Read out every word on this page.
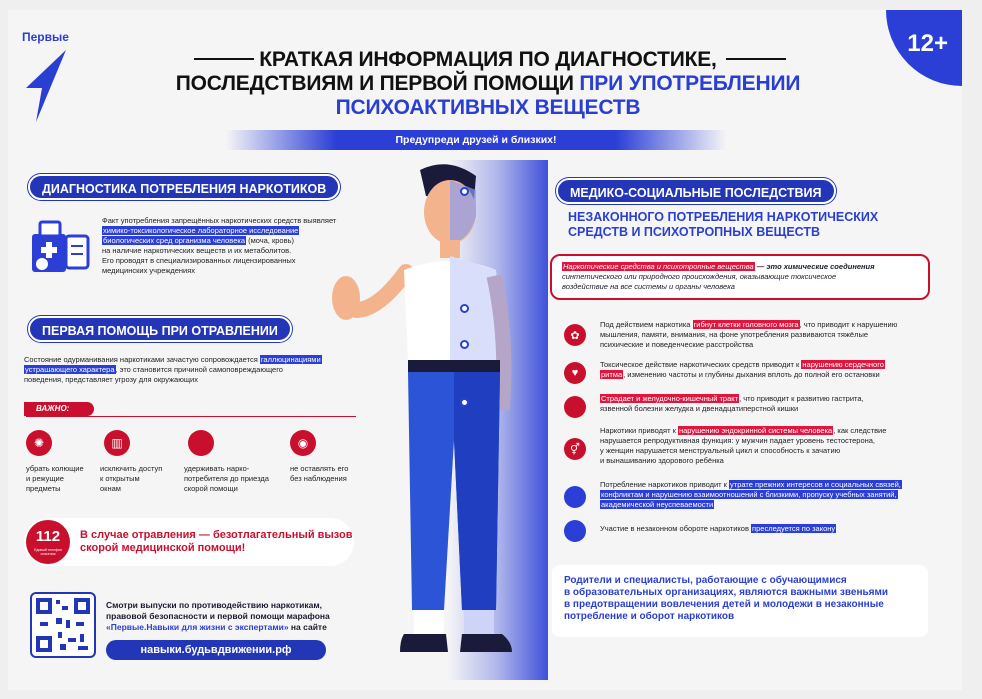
Первые	12+
КРАТКАЯ ИНФОРМАЦИЯ ПО ДИАГНОСТИКЕ,
ПОСЛЕДСТВИЯМ И ПЕРВОЙ ПОМОЩИ ПРИ УПОТРЕБЛЕНИИ
ПСИХОАКТИВНЫХ ВЕЩЕСТВ
Предупреди друзей и близких!
ДИАГНОСТИКА ПОТРЕБЛЕНИЯ НАРКОТИКОВ
Факт употребления запрещённых наркотических средств выявляет
химико-токсикологическое лабораторное исследование
биологических сред организма человека (моча, кровь)
на наличие наркотических веществ и их метаболитов.
Его проводят в специализированных лицензированных
медицинских учреждениях
ПЕРВАЯ ПОМОЩЬ ПРИ ОТРАВЛЕНИИ
Состояние одурманивания наркотиками зачастую сопровождается галлюцинациями
устрашающего характера, это становится причиной самоповреждающего
поведения, представляет угрозу для окружающих
ВАЖНО:
✺
убрать колющие
и режущие
предметы
▥
исключить доступ
к открытым
окнам
удерживать нарко-
потребителя до приезда
скорой помощи
◉
не оставлять его
без наблюдения
112
Единый телефон спасения
В случае отравления — безотлагательный вызов
скорой медицинской помощи!
Смотри выпуски по противодействию наркотикам,
правовой безопасности и первой помощи марафона
«Первые.Навыки для жизни с экспертами» на сайте
навыки.будьвдвижении.рф
МЕДИКО-СОЦИАЛЬНЫЕ ПОСЛЕДСТВИЯ
НЕЗАКОННОГО ПОТРЕБЛЕНИЯ НАРКОТИЧЕСКИХ
СРЕДСТВ И ПСИХОТРОПНЫХ ВЕЩЕСТВ
Наркотические средства и психотропные вещества — это химические соединения
синтетического или природного происхождения, оказывающие токсическое
воздействие на все системы и органы человека
✿
Под действием наркотика гибнут клетки головного мозга, что приводит к нарушению
мышления, памяти, внимания, на фоне употребления развиваются тяжёлые
психические и поведенческие расстройства
♥
Токсическое действие наркотических средств приводит к нарушению сердечного
ритма, изменению частоты и глубины дыхания вплоть до полной его остановки
Страдает и желудочно-кишечный тракт, что приводит к развитию гастрита,
язвенной болезни желудка и двенадцатиперстной кишки
⚥
Наркотики приводят к нарушению эндокринной системы человека, как следствие
нарушается репродуктивная функция: у мужчин падает уровень тестостерона,
у женщин нарушается менструальный цикл и способность к зачатию
и вынашиванию здорового ребёнка
Потребление наркотиков приводит к утрате прежних интересов и социальных связей,
конфликтам и нарушению взаимоотношений с близкими, пропуску учебных занятий,
академической неуспеваемости
Участие в незаконном обороте наркотиков преследуется по закону
Родители и специалисты, работающие с обучающимися
в образовательных организациях, являются важными звеньями
в предотвращении вовлечения детей и молодежи в незаконные
потребление и оборот наркотиков
